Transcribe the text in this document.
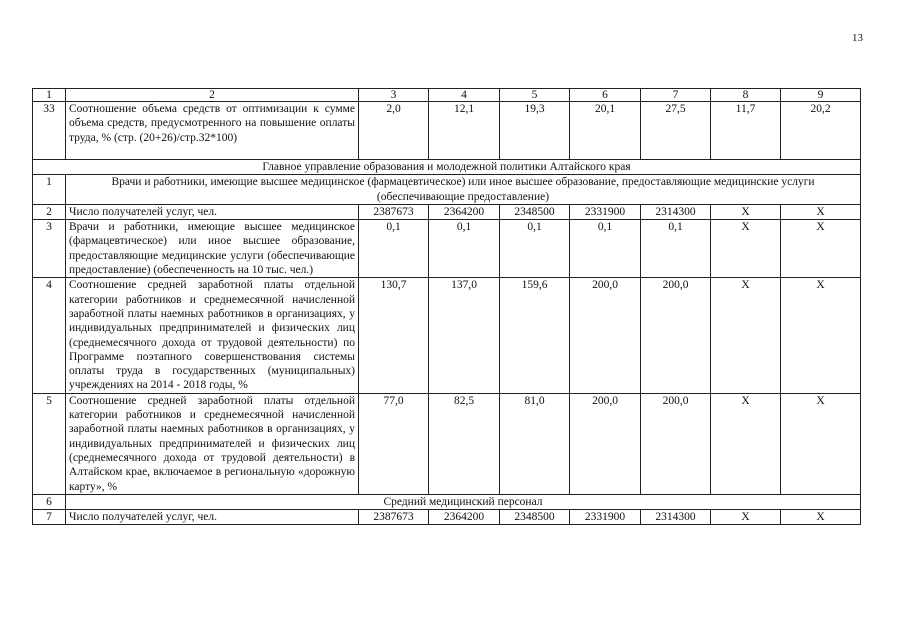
13
1	2	3	4	5	6	7	8	9
33	Соотношение объема средств от оптимизации к сумме объема средств, предусмотренного на повышение оплаты труда, % (стр. (20+26)/стр.32*100)	2,0	12,1	19,3	20,1	27,5	11,7	20,2
Главное управление образования и молодежной политики Алтайского края								
1	Врачи и работники, имеющие высшее медицинское (фармацевтическое) или иное высшее образование, предоставляющие медицинские услуги (обеспечивающие предоставление)							
2	Число получателей услуг, чел.	2387673	2364200	2348500	2331900	2314300	Х	Х
3	Врачи и работники, имеющие высшее медицинское (фармацевтическое) или иное высшее образование, предоставляющие медицинские услуги (обеспечивающие предоставление) (обеспеченность на 10 тыс. чел.)	0,1	0,1	0,1	0,1	0,1	Х	Х
4	Соотношение средней заработной платы отдельной категории работников и среднемесячной начисленной заработной платы наемных работников в организациях, у индивидуальных предпринимателей и физических лиц (среднемесячного дохода от трудовой деятельности) по Программе поэтапного совершенствования системы оплаты труда в государственных (муниципальных) учреждениях на 2014 - 2018 годы, %	130,7	137,0	159,6	200,0	200,0	Х	Х
5	Соотношение средней заработной платы отдельной категории работников и среднемесячной начисленной заработной платы наемных работников в организациях, у индивидуальных предпринимателей и физических лиц (среднемесячного дохода от трудовой деятельности) в Алтайском крае, включаемое в региональную «дорожную карту», %	77,0	82,5	81,0	200,0	200,0	Х	Х
6	Средний медицинский персонал							
7	Число получателей услуг, чел.	2387673	2364200	2348500	2331900	2314300	Х	Х
